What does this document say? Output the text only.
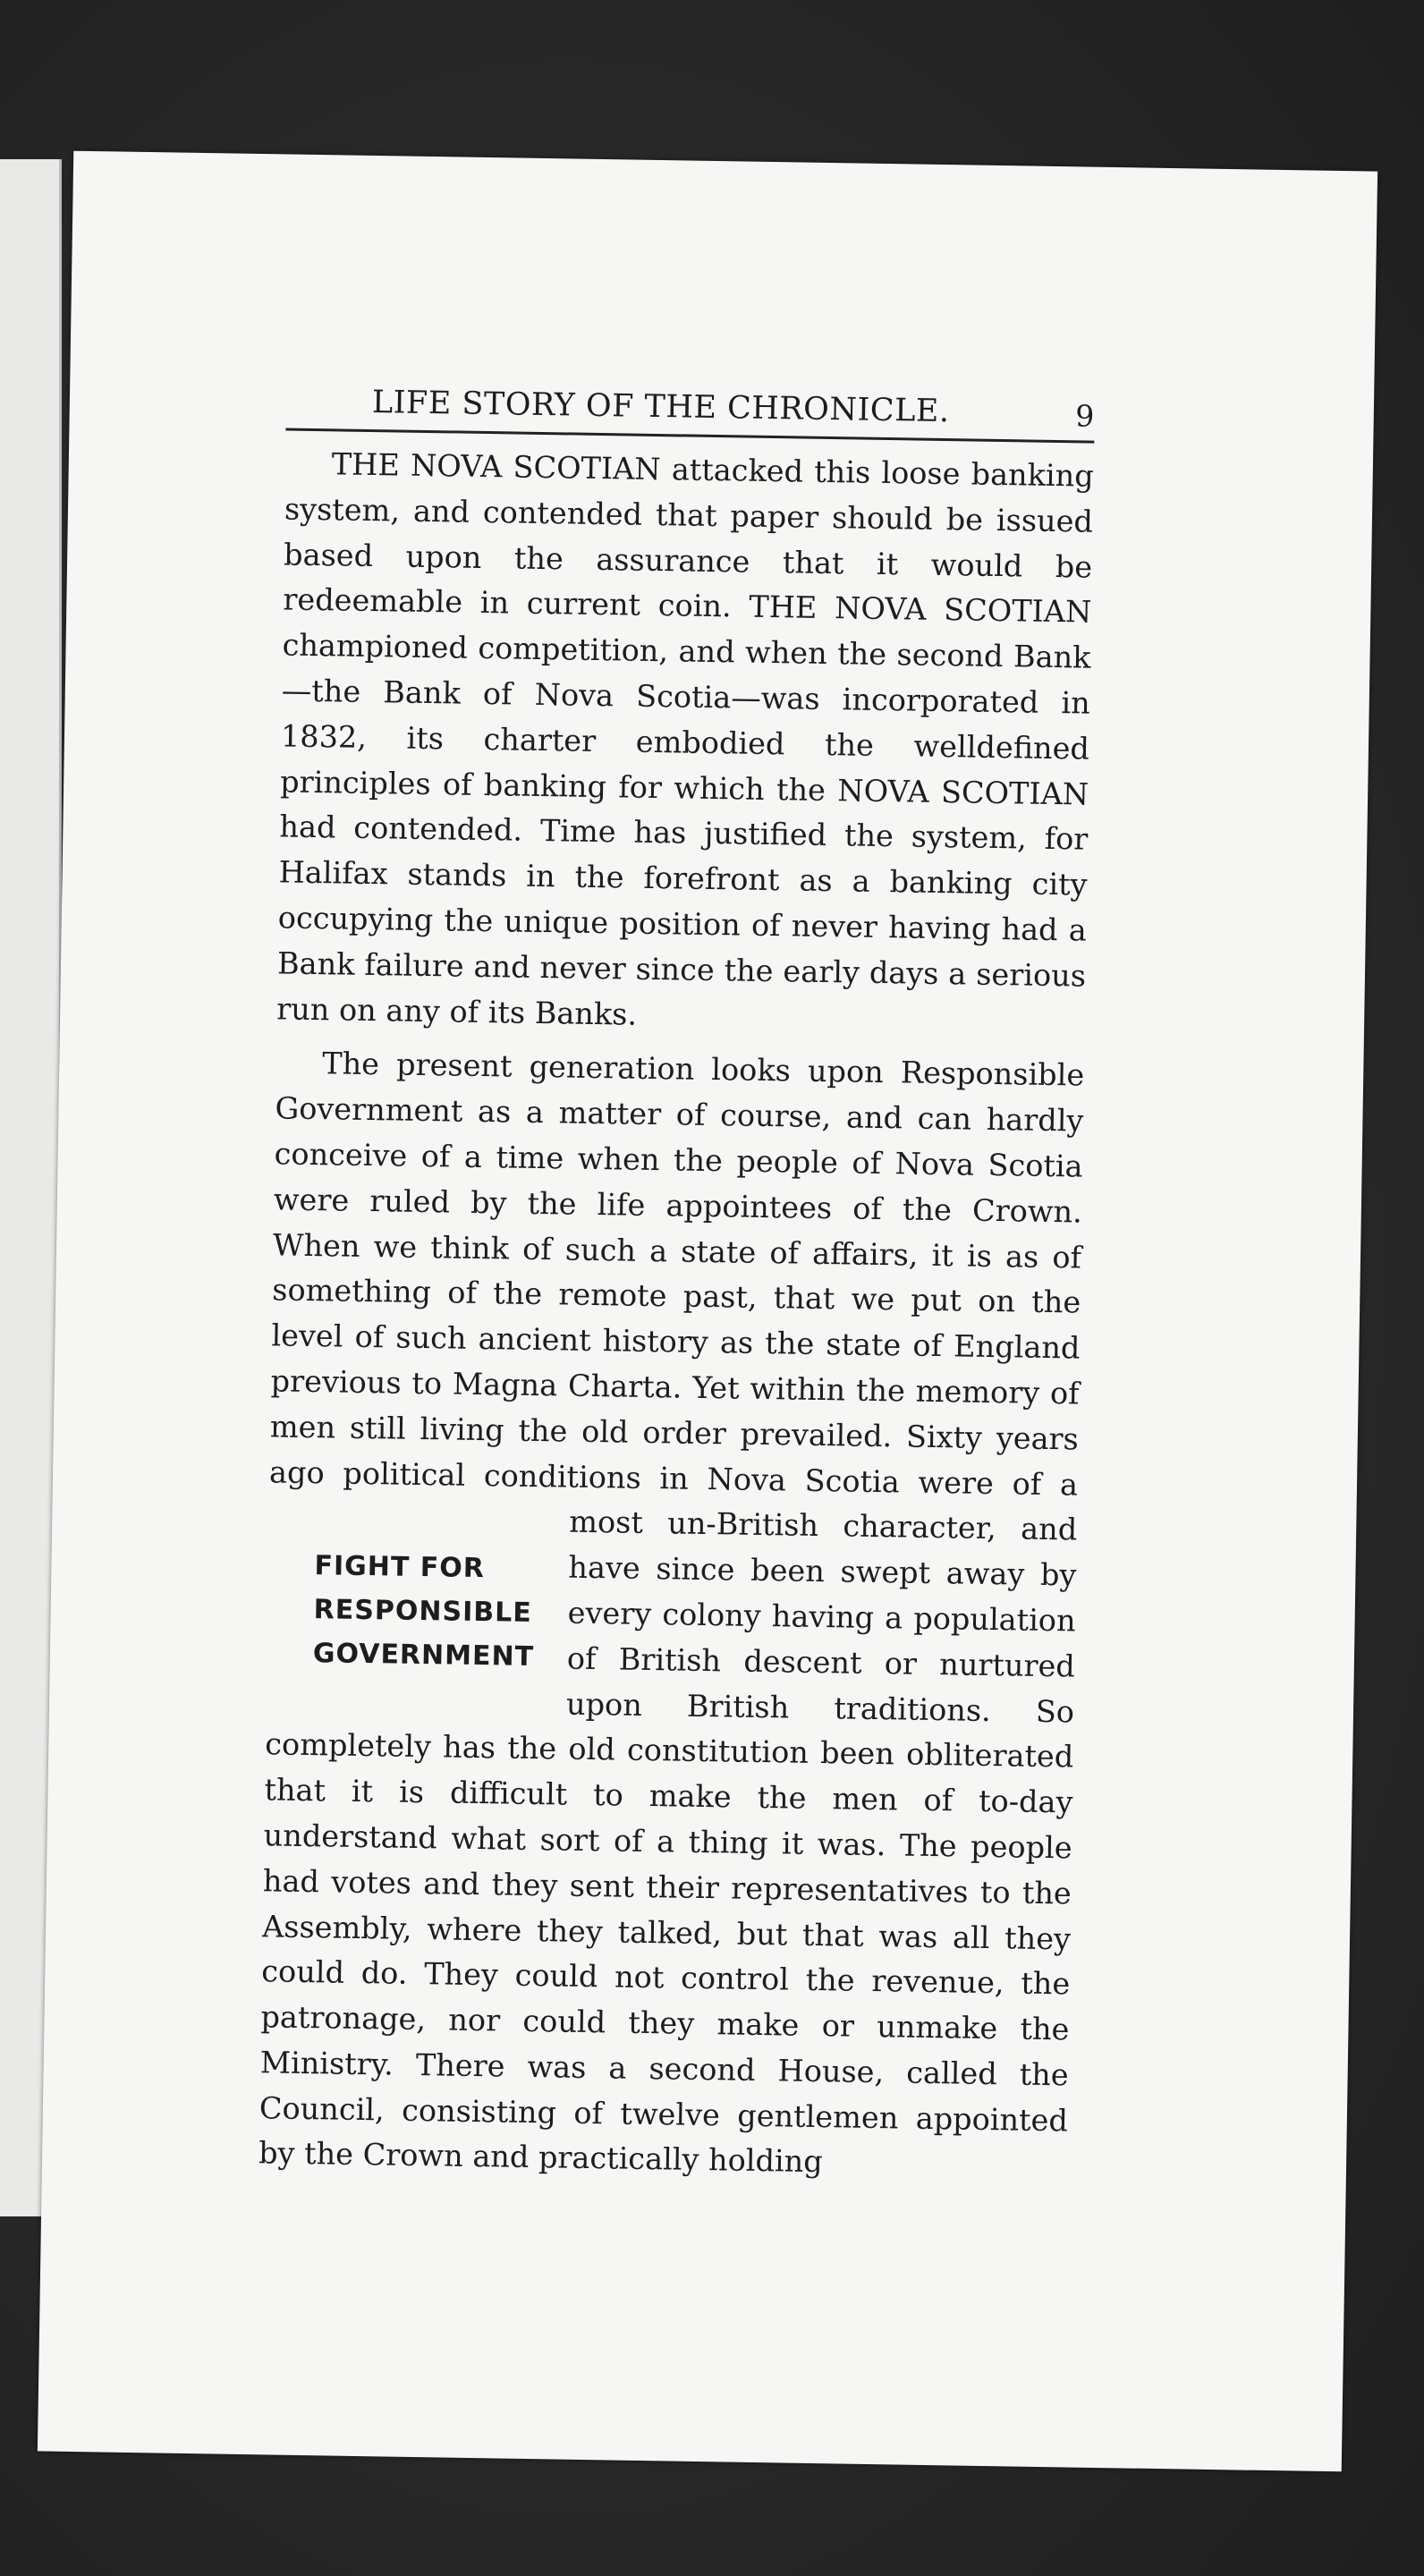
LIFE STORY OF THE CHRONICLE.	9

THE NOVA SCOTIAN attacked this loose banking system, and contended that paper should be issued based upon the assurance that it would be redeemable in current coin. THE NOVA SCOTIAN championed competition, and when the second Bank—the Bank of Nova Scotia—was incorporated in 1832, its charter embodied the welldefined principles of banking for which the NOVA SCOTIAN had contended. Time has justified the system, for Halifax stands in the forefront as a banking city occupying the unique position of never having had a Bank failure and never since the early days a serious run on any of its Banks.

The present generation looks upon Responsible Government as a matter of course, and can hardly conceive of a time when the people of Nova Scotia were ruled by the life appointees of the Crown. When we think of such a state of affairs, it is as of something of the remote past, that we put on the level of such ancient history as the state of England previous to Magna Charta. Yet within the memory of men still living the old order prevailed. Sixty years ago political conditions in Nova Scotia were of a most un-British character,
FIGHT FOR
RESPONSIBLE
GOVERNMENT
and have since been swept away by every colony having a population of British descent or nurtured upon British traditions. So completely has the old constitution been obliterated that it is difficult to make the men of to-day understand what sort of a thing it was. The people had votes and they sent their representatives to the Assembly, where they talked, but that was all they could do. They could not control the revenue, the patronage, nor could they make or unmake the Ministry. There was a second House, called the Council, consisting of twelve gentlemen appointed by the Crown and practically holding
